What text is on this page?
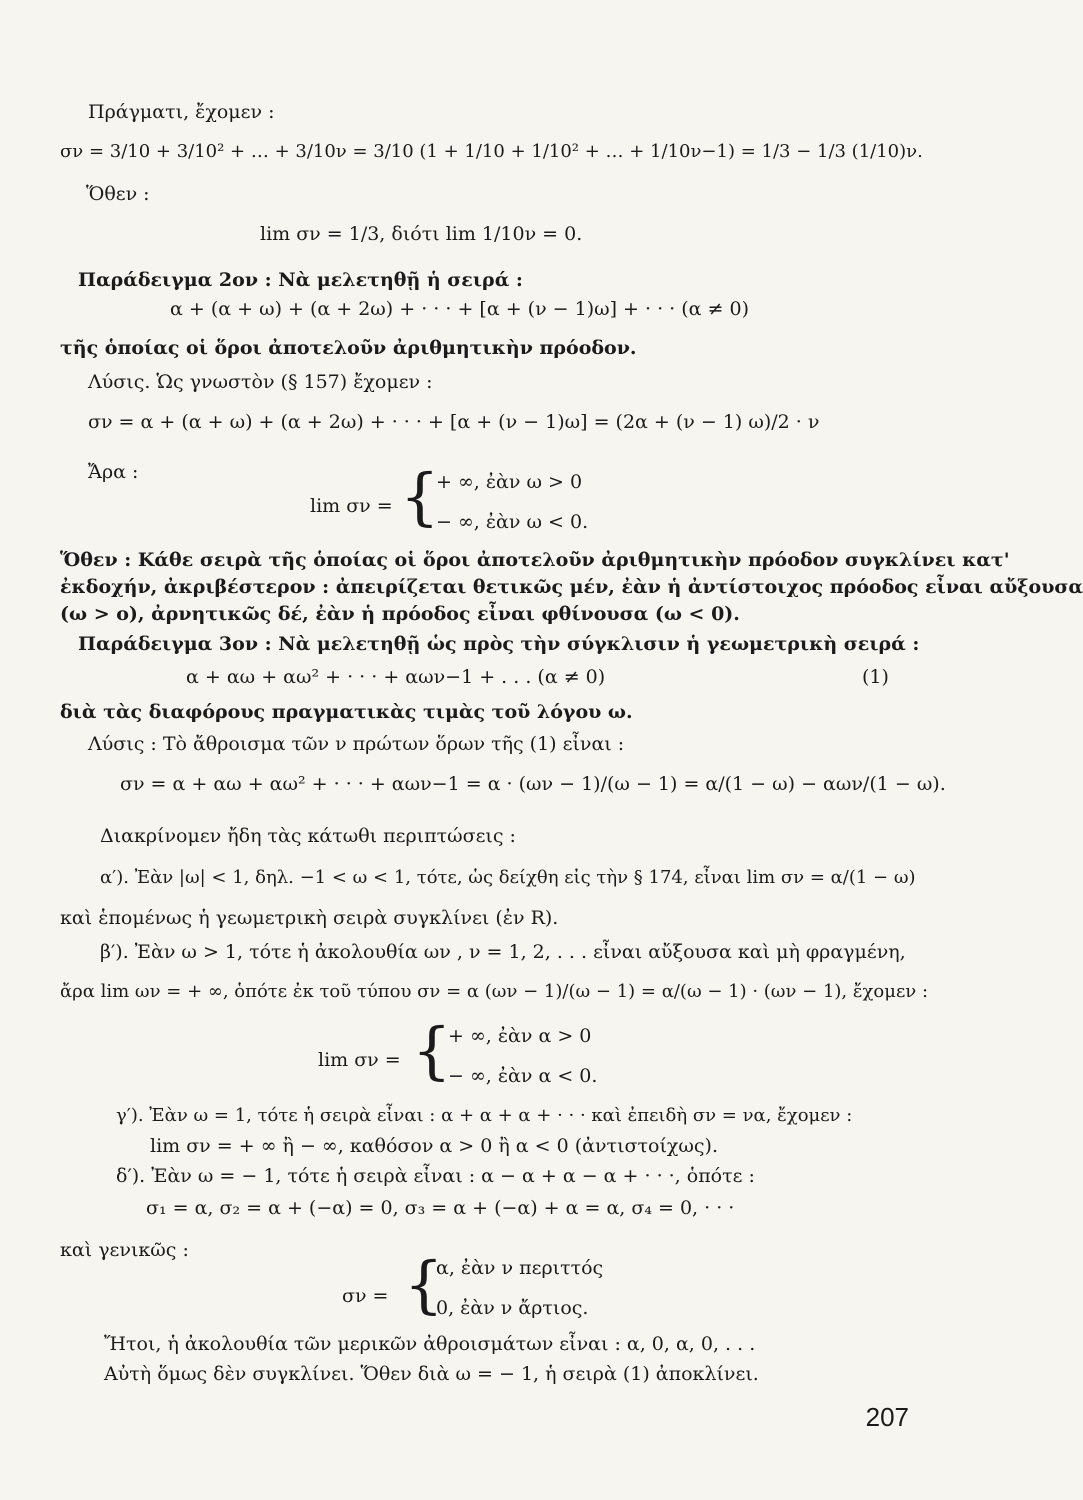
Πράγματι, ἔχομεν :
σν = 3/10 + 3/10² + … + 3/10ν = 3/10 (1 + 1/10 + 1/10² + … + 1/10ν−1) = 1/3 − 1/3 (1/10)ν.
Ὅθεν :
lim σν = 1/3, διότι lim 1/10ν = 0.
Παράδειγμα 2ον : Νὰ μελετηθῇ ἡ σειρά :
α + (α + ω) + (α + 2ω) + · · · + [α + (ν − 1)ω] + · · · (α ≠ 0)
τῆς ὁποίας οἱ ὅροι ἀποτελοῦν ἀριθμητικὴν πρόοδον.
Λύσις. Ὡς γνωστὸν (§ 157) ἔχομεν :
σν = α + (α + ω) + (α + 2ω) + · · · + [α + (ν − 1)ω] = (2α + (ν − 1) ω)/2 · ν
Ἄρα :
lim σν = {
+ ∞, ἐὰν ω > 0
− ∞, ἐὰν ω < 0.
Ὅθεν : Κάθε σειρὰ τῆς ὁποίας οἱ ὅροι ἀποτελοῦν ἀριθμητικὴν πρόοδον συγκλίνει κατ'
ἐκδοχήν, ἀκριβέστερον : ἀπειρίζεται θετικῶς μέν, ἐὰν ἡ ἀντίστοιχος πρόοδος εἶναι αὔξουσα
(ω > ο), ἀρνητικῶς δέ, ἐὰν ἡ πρόοδος εἶναι φθίνουσα (ω < 0).
Παράδειγμα 3ον : Νὰ μελετηθῇ ὡς πρὸς τὴν σύγκλισιν ἡ γεωμετρικὴ σειρά :
α + αω + αω² + · · · + αων−1 + . . . (α ≠ 0)	(1)
διὰ τὰς διαφόρους πραγματικὰς τιμὰς τοῦ λόγου ω.
Λύσις : Τὸ ἄθροισμα τῶν ν πρώτων ὅρων τῆς (1) εἶναι :
σν = α + αω + αω² + · · · + αων−1 = α · (ων − 1)/(ω − 1) = α/(1 − ω) − αων/(1 − ω).
Διακρίνομεν ἤδη τὰς κάτωθι περιπτώσεις :
α′). Ἐὰν |ω| < 1, δηλ. −1 < ω < 1, τότε, ὡς δείχθη εἰς τὴν § 174, εἶναι lim σν = α/(1 − ω)
καὶ ἑπομένως ἡ γεωμετρικὴ σειρὰ συγκλίνει (ἐν R).
β′). Ἐὰν ω > 1, τότε ἡ ἀκολουθία ων , ν = 1, 2, . . . εἶναι αὔξουσα καὶ μὴ φραγμένη,
ἄρα lim ων = + ∞, ὁπότε ἐκ τοῦ τύπου σν = α (ων − 1)/(ω − 1) = α/(ω − 1) · (ων − 1), ἔχομεν :
lim σν = {
+ ∞, ἐὰν α > 0
− ∞, ἐὰν α < 0.
γ′). Ἐὰν ω = 1, τότε ἡ σειρὰ εἶναι : α + α + α + · · · καὶ ἐπειδὴ σν = να, ἔχομεν :
lim σν = + ∞ ἢ − ∞, καθόσον α > 0 ἢ α < 0 (ἀντιστοίχως).
δ′). Ἐὰν ω = − 1, τότε ἡ σειρὰ εἶναι : α − α + α − α + · · ·, ὁπότε :
σ₁ = α, σ₂ = α + (−α) = 0, σ₃ = α + (−α) + α = α, σ₄ = 0, · · ·
καὶ γενικῶς :
σν = {
α, ἐὰν ν περιττός
0, ἐὰν ν ἄρτιος.
Ἤτοι, ἡ ἀκολουθία τῶν μερικῶν ἀθροισμάτων εἶναι : α, 0, α, 0, . . .
Αὐτὴ ὅμως δὲν συγκλίνει. Ὅθεν διὰ ω = − 1, ἡ σειρὰ (1) ἀποκλίνει.
207
